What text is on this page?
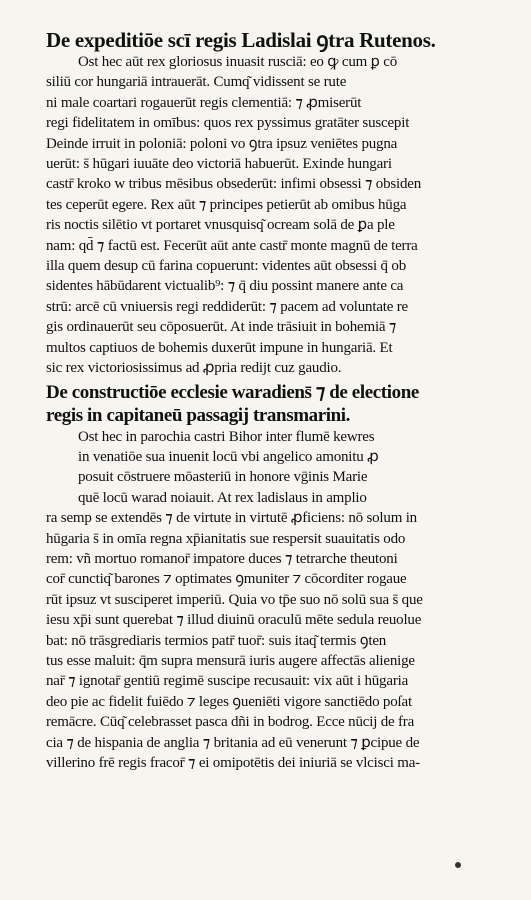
De expeditiōe scī regis Ladislai ꝯtra Rutenos.
Ost hec aūt rex gloriosus inuasit rusciā: eo ꝙ cum ꝑ cō
siliū cor hungariā intrauerāt. Cumq͂ vidissent se rute
ni male coartari rogauerūt regis clementiā: ⁊ ꝓmiserūt
regi fidelitatem in omībus: quos rex pyssimus gratāter suscepit
Deinde irruit in poloniā: poloni vo ꝯtra ipsuz veniētes pugna
uerūt: s̄ hūgari iuuāte deo victoriā habuerūt. Exinde hungari
castr̄ kroko w tribus mēsibus obsederūt: infimi obsessi ⁊ obsiden
tes ceperūt egere. Rex aūt ⁊ principes petierūt ab omibus hūga
ris noctis silētio vt portaret vnusquisq͂ ocream solā de ꝑa ple
nam: qd̄ ⁊ factū est. Fecerūt aūt ante castr̄ monte magnū de terra
illa quem desup cū farina copuerunt: videntes aūt obsessi q̄ ob
sidentes hābūdarent victualib⁹: ⁊ q̄ diu possint manere ante ca
strū: arcē cū vniuersis regi reddiderūt: ⁊ pacem ad voluntate re
gis ordinauerūt seu cōposuerūt. At inde trāsiuit in bohemiā ⁊
multos captiuos de bohemis duxerūt impune in hungariā. Et
sic rex victoriosissimus ad ꝓpria redijt cuz gaudio.
De constructiōe ecclesie waradiens̄ ⁊ de electione
regis in capitaneū passagij transmarini.
Ost hec in parochia castri Bihor inter flumē kewres
in venatiōe sua inuenit locū vbi angelico amonitu ꝓ
posuit cōstruere mōasteriū in honore vḡinis Marie
quē locū warad noiauit. At rex ladislaus in amplio
ra semp se extendēs ⁊ de virtute in virtutē ꝓficiens: nō solum in
hūgaria s̄ in omīa regna xp̄ianitatis sue respersit suauitatis odo
rem: vñ mortuo romanor̄ impatore duces ⁊ tetrarche theutoni
cor̄ cunctiq͂ barones ⁊ optimates ꝯmuniter ⁊ cōcorditer rogaue
rūt ipsuz vt susciperet imperiū. Quia vo tp̄e suo nō solū sua s̄ que
iesu xp̄i sunt querebat ⁊ illud diuinū oraculū mēte sedula reuolue
bat: nō trāsgrediaris termios patr̄ tuor̄: suis itaq͂ termis ꝯten
tus esse maluit: q̄m supra mensurā iuris augere affectās alienige
nar̄ ⁊ ignotar̄ gentiū regimē suscipe recusauit: vix aūt i hūgaria
deo pie ac fidelit fuiēdo ⁊ leges ꝯueniēti vigore sanctiēdo poſat
remācre. Cūq͂ celebrasset pasca dñi in bodrog. Ecce nūcij de fra
cia ⁊ de hispania de anglia ⁊ britania ad eū venerunt ⁊ ꝑcipue de
villerino frē regis fracor̄ ⁊ ei omipotētis dei iniuriā se vlcisci ma-
